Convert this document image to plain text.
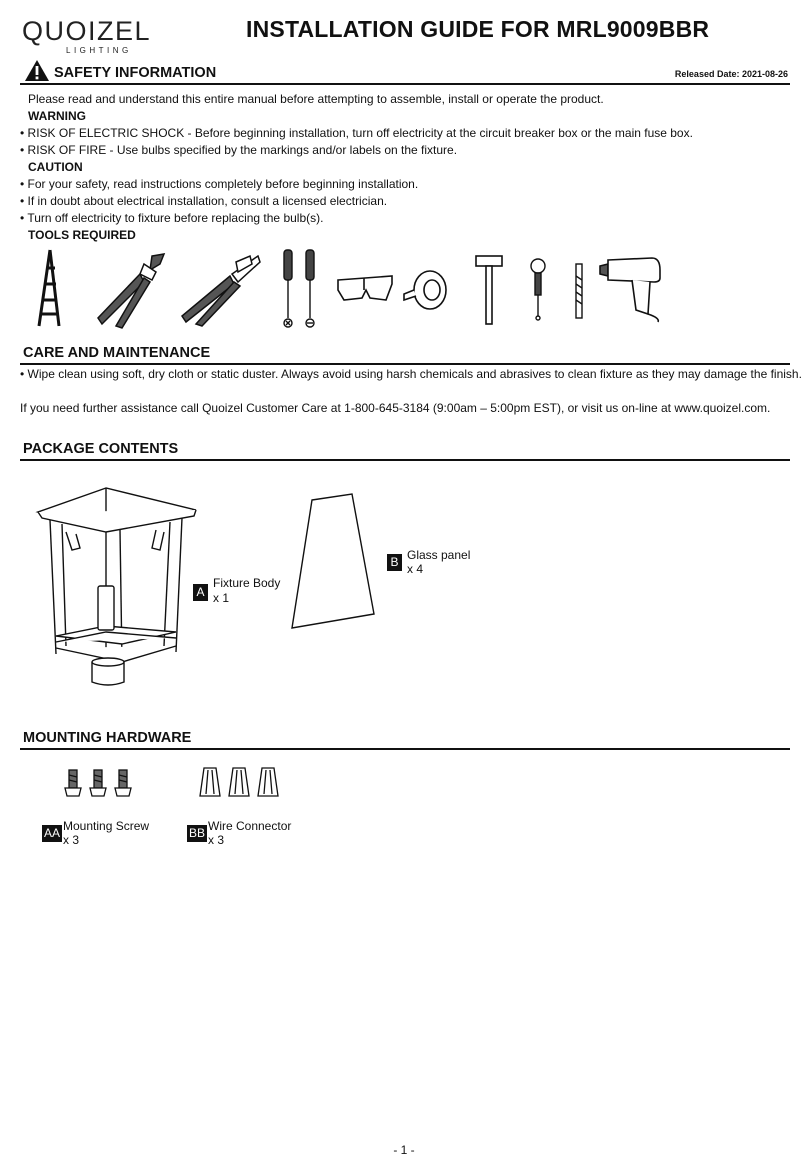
QUOIZEL
LIGHTING
INSTALLATION GUIDE FOR MRL9009BBR
SAFETY INFORMATION	Released Date: 2021-08-26
Please read and understand this entire manual before attempting to assemble, install or operate the product.
WARNING
• RISK OF ELECTRIC SHOCK - Before beginning installation, turn off electricity at the circuit breaker box or the main fuse box.
• RISK OF FIRE - Use bulbs specified by the markings and/or labels on the fixture.
CAUTION
• For your safety, read instructions completely before beginning installation.
• If in doubt about electrical installation, consult a licensed electrician.
• Turn off electricity to fixture before replacing the bulb(s).
TOOLS REQUIRED
CARE AND MAINTENANCE
• Wipe clean using soft, dry cloth or static duster. Always avoid using harsh chemicals and abrasives to clean fixture as they may damage the finish.
If you need further assistance call Quoizel Customer Care at 1-800-645-3184 (9:00am – 5:00pm EST), or visit us on-line at www.quoizel.com.
PACKAGE CONTENTS
Fixture Body
A x 1
Glass panel
B x 4
MOUNTING HARDWARE
Mounting Screw
AA x 3
Wire Connector
BB x 3
- 1 -
